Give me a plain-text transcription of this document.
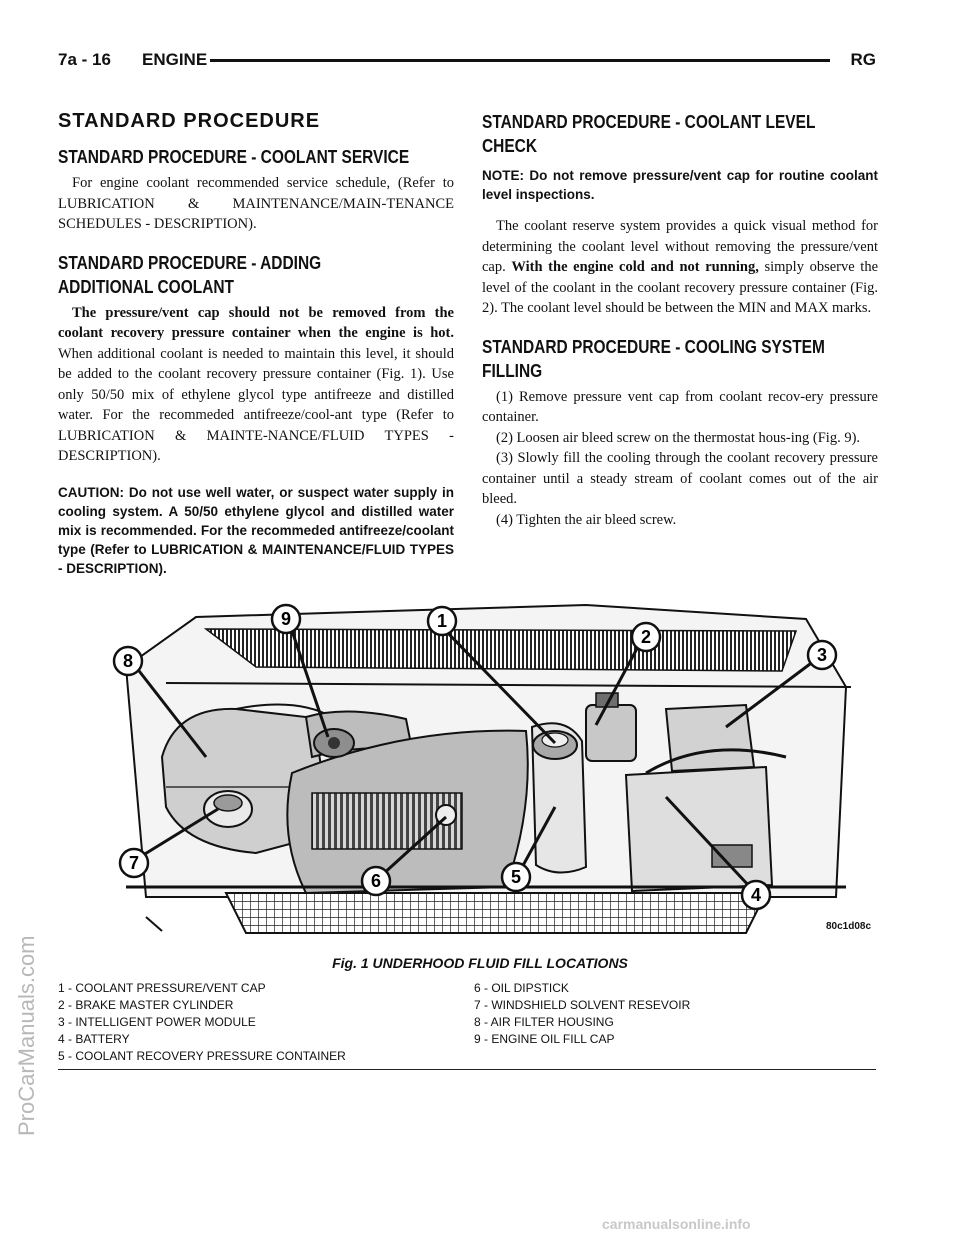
7a - 16 ENGINE	RG
STANDARD PROCEDURE
STANDARD PROCEDURE - COOLANT SERVICE

For engine coolant recommended service schedule, (Refer to LUBRICATION & MAINTENANCE/MAIN-TENANCE SCHEDULES - DESCRIPTION).

STANDARD PROCEDURE - ADDING
ADDITIONAL COOLANT

The pressure/vent cap should not be removed from the coolant recovery pressure container when the engine is hot. When additional coolant is needed to maintain this level, it should be added to the coolant recovery pressure container (Fig. 1). Use only 50/50 mix of ethylene glycol type antifreeze and distilled water. For the recommeded antifreeze/cool-ant type (Refer to LUBRICATION & MAINTE-NANCE/FLUID TYPES - DESCRIPTION).

CAUTION: Do not use well water, or suspect water supply in cooling system. A 50/50 ethylene glycol and distilled water mix is recommended. For the recommeded antifreeze/coolant type (Refer to LUBRICATION & MAINTENANCE/FLUID TYPES - DESCRIPTION).

STANDARD PROCEDURE - COOLANT LEVEL
CHECK

NOTE: Do not remove pressure/vent cap for routine coolant level inspections.

The coolant reserve system provides a quick visual method for determining the coolant level without removing the pressure/vent cap. With the engine cold and not running, simply observe the level of the coolant in the coolant recovery pressure container (Fig. 2). The coolant level should be between the MIN and MAX marks.

STANDARD PROCEDURE - COOLING SYSTEM
FILLING

(1) Remove pressure vent cap from coolant recov-ery pressure container.

(2) Loosen air bleed screw on the thermostat hous-ing (Fig. 9).

(3) Slowly fill the cooling through the coolant recovery pressure container until a steady stream of coolant comes out of the air bleed.

(4) Tighten the air bleed screw.

1
2
3
4
5
6
7
8
9
80c1d08c
Fig. 1 UNDERHOOD FLUID FILL LOCATIONS
1 - COOLANT PRESSURE/VENT CAP
2 - BRAKE MASTER CYLINDER
3 - INTELLIGENT POWER MODULE
4 - BATTERY
5 - COOLANT RECOVERY PRESSURE CONTAINER
6 - OIL DIPSTICK
7 - WINDSHIELD SOLVENT RESEVOIR
8 - AIR FILTER HOUSING
9 - ENGINE OIL FILL CAP
ProCarManuals.com
carmanualsonline.info
